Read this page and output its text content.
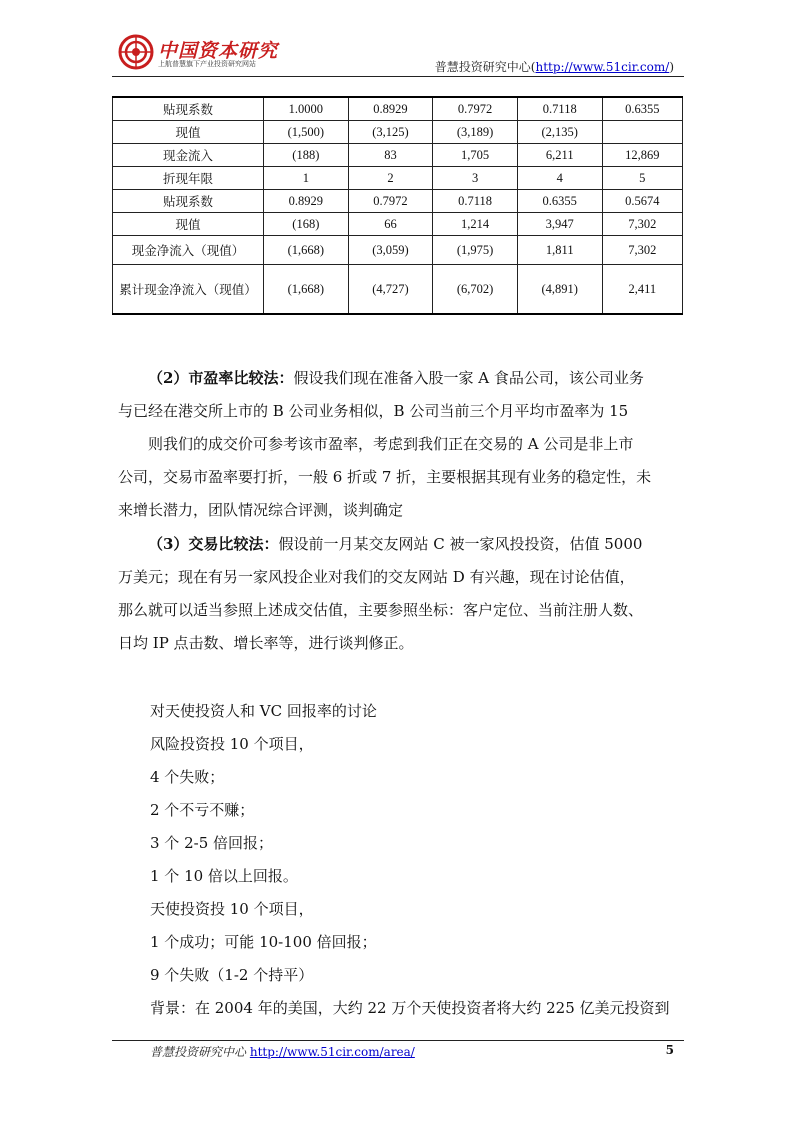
中国资本研究
上航普慧旗下产业投资研究网站	普慧投资研究中心(http://www.51cir.com/)
贴现系数	1.0000	0.8929	0.7972	0.7118	0.6355
现值	(1,500)	(3,125)	(3,189)	(2,135)	
现金流入	(188)	83	1,705	6,211	12,869
折现年限	1	2	3	4	5
贴现系数	0.8929	0.7972	0.7118	0.6355	0.5674
现值	(168)	66	1,214	3,947	7,302
现金净流入（现值）	(1,668)	(3,059)	(1,975)	1,811	7,302
累计现金净流入（现值）	(1,668)	(4,727)	(6,702)	(4,891)	2,411
（2）市盈率比较法：假设我们现在准备入股一家 A 食品公司，该公司业务
与已经在港交所上市的 B 公司业务相似，B 公司当前三个月平均市盈率为 15
则我们的成交价可参考该市盈率，考虑到我们正在交易的 A 公司是非上市
公司，交易市盈率要打折，一般 6 折或 7 折，主要根据其现有业务的稳定性，未
来增长潜力，团队情况综合评测，谈判确定
（3）交易比较法：假设前一月某交友网站 C 被一家风投投资，估值 5000
万美元；现在有另一家风投企业对我们的交友网站 D 有兴趣，现在讨论估值，
那么就可以适当参照上述成交估值，主要参照坐标：客户定位、当前注册人数、
日均 IP 点击数、增长率等，进行谈判修正。
对天使投资人和 VC 回报率的讨论
风险投资投 10 个项目，
4 个失败；
2 个不亏不赚；
3 个 2-5 倍回报；
1 个 10 倍以上回报。
天使投资投 10 个项目，
1 个成功；可能 10-100 倍回报；
9 个失败（1-2 个持平）
背景：在 2004 年的美国，大约 22 万个天使投资者将大约 225 亿美元投资到
普慧投资研究中心 http://www.51cir.com/area/	5
